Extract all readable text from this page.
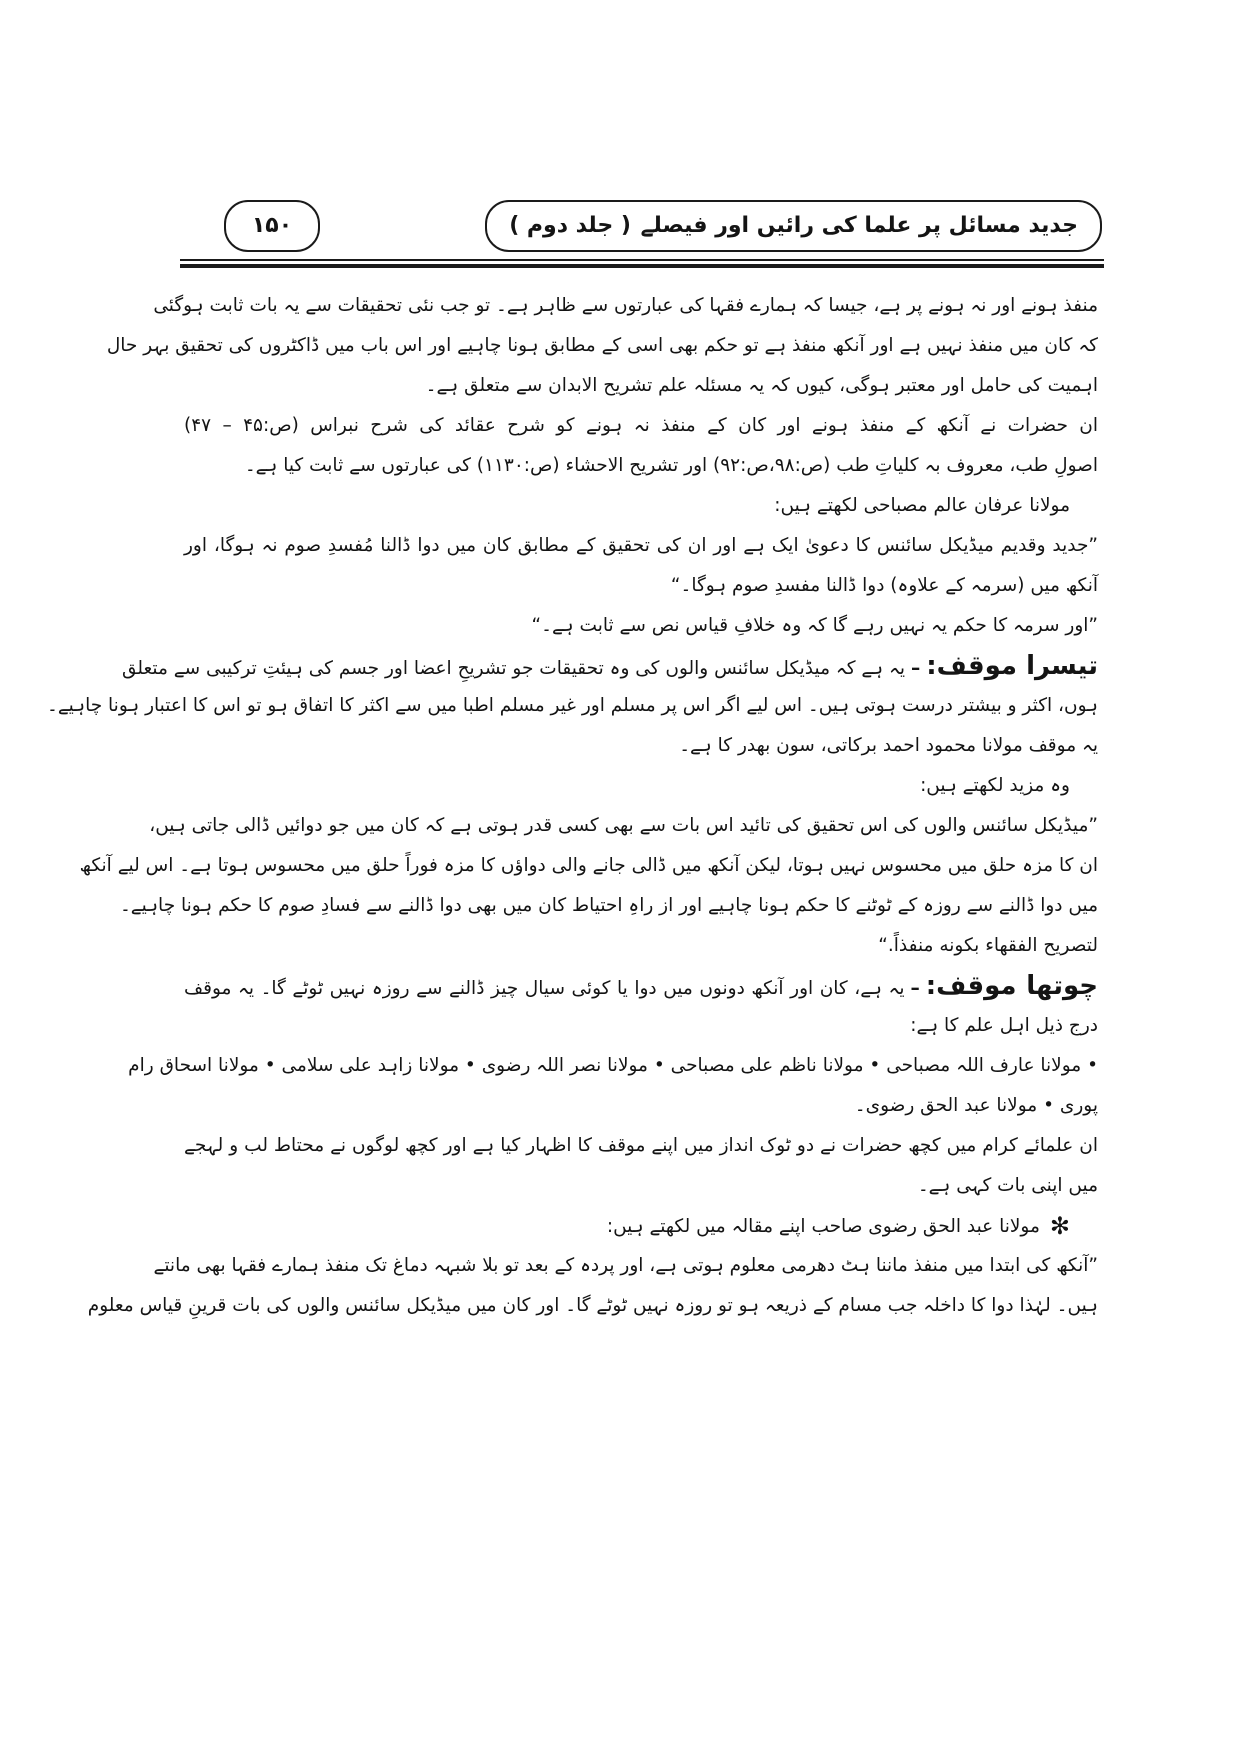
جدید مسائل پر علما کی رائیں اور فیصلے ( جلد دوم )
۱۵۰
منفذ ہونے اور نہ ہونے پر ہے، جیسا کہ ہمارے فقہا کی عبارتوں سے ظاہر ہے۔ تو جب نئی تحقیقات سے یہ بات ثابت ہوگئی
کہ کان میں منفذ نہیں ہے اور آنکھ منفذ ہے تو حکم بھی اسی کے مطابق ہونا چاہیے اور اس باب میں ڈاکٹروں کی تحقیق بہر حال
اہمیت کی حامل اور معتبر ہوگی، کیوں کہ یہ مسئلہ علم تشریح الابدان سے متعلق ہے۔
ان حضرات نے آنکھ کے منفذ ہونے اور کان کے منفذ نہ ہونے کو شرح عقائد کی شرح نبراس (ص:۴۵ – ۴۷)
اصولِ طب، معروف بہ کلیاتِ طب (ص:۹۸،ص:۹۲) اور تشریح الاحشاء (ص:۱۱۳۰) کی عبارتوں سے ثابت کیا ہے۔
مولانا عرفان عالم مصباحی لکھتے ہیں:
”جدید وقدیم میڈیکل سائنس کا دعویٰ ایک ہے اور ان کی تحقیق کے مطابق کان میں دوا ڈالنا مُفسدِ صوم نہ ہوگا، اور
آنکھ میں (سرمہ کے علاوہ) دوا ڈالنا مفسدِ صوم ہوگا۔“
”اور سرمہ کا حکم یہ نہیں رہے گا کہ وہ خلافِ قیاس نص سے ثابت ہے۔“
تیسرا موقف:–یہ ہے کہ میڈیکل سائنس والوں کی وہ تحقیقات جو تشریحِ اعضا اور جسم کی ہیئتِ ترکیبی سے متعلق
ہوں، اکثر و بیشتر درست ہوتی ہیں۔ اس لیے اگر اس پر مسلم اور غیر مسلم اطبا میں سے اکثر کا اتفاق ہو تو اس کا اعتبار ہونا چاہیے۔
یہ موقف مولانا محمود احمد برکاتی، سون بھدر کا ہے۔
وہ مزید لکھتے ہیں:
”میڈیکل سائنس والوں کی اس تحقیق کی تائید اس بات سے بھی کسی قدر ہوتی ہے کہ کان میں جو دوائیں ڈالی جاتی ہیں،
ان کا مزہ حلق میں محسوس نہیں ہوتا، لیکن آنکھ میں ڈالی جانے والی دواؤں کا مزہ فوراً حلق میں محسوس ہوتا ہے۔ اس لیے آنکھ
میں دوا ڈالنے سے روزہ کے ٹوٹنے کا حکم ہونا چاہیے اور از راہِ احتیاط کان میں بھی دوا ڈالنے سے فسادِ صوم کا حکم ہونا چاہیے۔
لتصريح الفقهاء بكونه منفذاً.“
چوتھا موقف:–یہ ہے، کان اور آنکھ دونوں میں دوا یا کوئی سیال چیز ڈالنے سے روزہ نہیں ٹوٹے گا۔ یہ موقف
درج ذیل اہل علم کا ہے:
• مولانا عارف اللہ مصباحی • مولانا ناظم علی مصباحی • مولانا نصر اللہ رضوی • مولانا زاہد علی سلامی • مولانا اسحاق رام
پوری • مولانا عبد الحق رضوی۔
ان علمائے کرام میں کچھ حضرات نے دو ٹوک انداز میں اپنے موقف کا اظہار کیا ہے اور کچھ لوگوں نے محتاط لب و لہجے
میں اپنی بات کہی ہے۔
✻مولانا عبد الحق رضوی صاحب اپنے مقالہ میں لکھتے ہیں:
”آنکھ کی ابتدا میں منفذ ماننا ہٹ دھرمی معلوم ہوتی ہے، اور پردہ کے بعد تو بلا شبہہ دماغ تک منفذ ہمارے فقہا بھی مانتے
ہیں۔ لہٰذا دوا کا داخلہ جب مسام کے ذریعہ ہو تو روزہ نہیں ٹوٹے گا۔ اور کان میں میڈیکل سائنس والوں کی بات قرینِ قیاس معلوم
